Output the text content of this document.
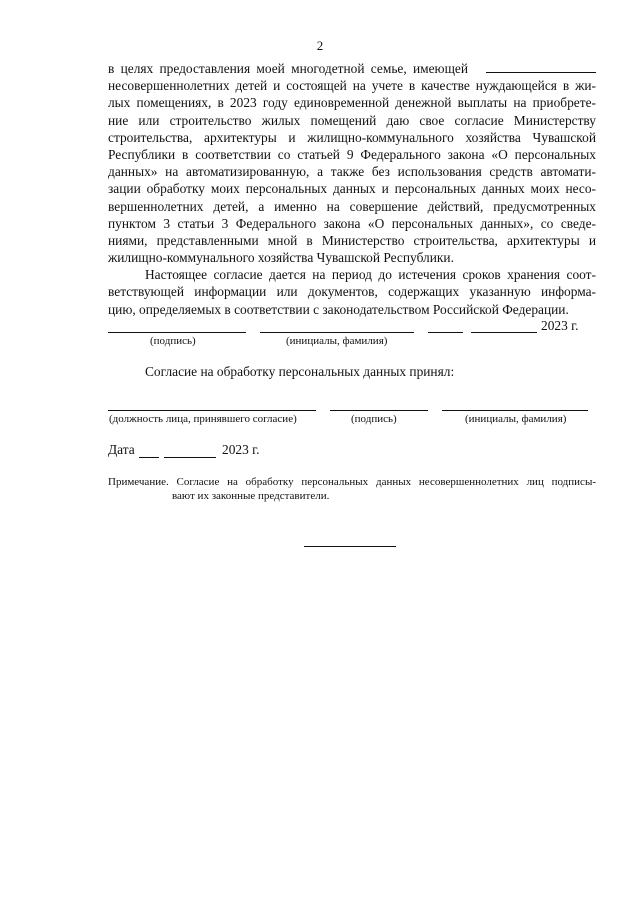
2
в целях предоставления моей многодетной семье, имеющей
несовершеннолетних детей и состоящей на учете в качестве нуждающейся в жи-
лых помещениях, в 2023 году единовременной денежной выплаты на приобрете-
ние или строительство жилых помещений даю свое согласие Министерству
строительства, архитектуры и жилищно-коммунального хозяйства Чувашской
Республики в соответствии со статьей 9 Федерального закона «О персональных
данных» на автоматизированную, а также без использования средств автомати-
зации обработку моих персональных данных и персональных данных моих несо-
вершеннолетних детей, а именно на совершение действий, предусмотренных
пунктом 3 статьи 3 Федерального закона «О персональных данных», со сведе-
ниями, представленными мной в Министерство строительства, архитектуры и
жилищно-коммунального хозяйства Чувашской Республики.
Настоящее согласие дается на период до истечения сроков хранения соот-
ветствующей информации или документов, содержащих указанную информа-
цию, определяемых в соответствии с законодательством Российской Федерации.
2023 г.
(подпись)	(инициалы, фамилия)
Согласие на обработку персональных данных принял:
(должность лица, принявшего согласие)	(подпись)	(инициалы, фамилия)
Дата	2023 г.
Примечание. Согласие на обработку персональных данных несовершеннолетних лиц подписы-
вают их законные представители.
